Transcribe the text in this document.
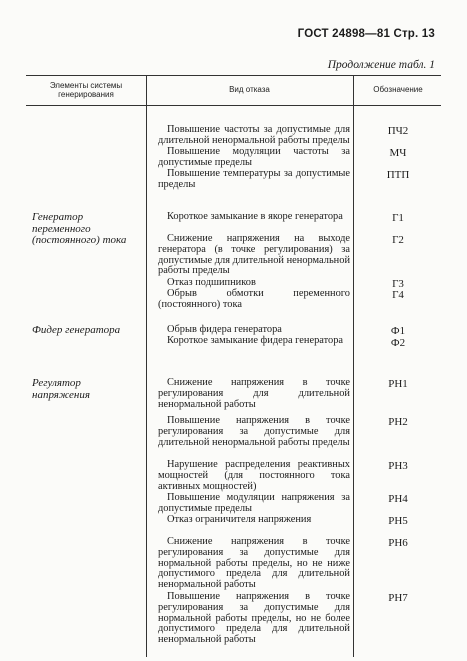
ГОСТ 24898—81 Стр. 13
Продолжение табл. 1
Элементы системы генерирования
Вид отказа	Обозначение
Повышение частоты за допустимые для длительной ненормальной работы пределы
Повышение модуляции частоты за допустимые пределы
Повышение температуры за допустимые пределы
ПЧ2
МЧ
ПТП
Генератор переменного (постоянного) тока
Короткое замыкание в якоре генератора
Снижение напряжения на выходе генератора (в точке регулирования) за допустимые для длительной ненормальной работы пределы
Отказ подшипников
Обрыв обмотки переменного (постоянного) тока
Г1
Г2
Г3
Г4
Фидер генератора	Обрыв фидера генератора
Короткое замыкание фидера генератора
Ф1
Ф2
Регулятор напряжения
Снижение напряжения в точке регулирования для длительной ненормальной работы
Повышение напряжения в точке регулирования за допустимые для длительной ненормальной работы пределы
Нарушение распределения реактивных мощностей (для постоянного тока активных мощностей)
Повышение модуляции напряжения за допустимые пределы
Отказ ограничителя напряжения
Снижение напряжения в точке регулирования за допустимые для нормальной работы пределы, но не ниже допустимого предела для длительной ненормальной работы
Повышение напряжения в точке регулирования за допустимые для нормальной работы пределы, но не более допустимого предела для длительной ненормальной работы
РН1
РН2
РН3
РН4
РН5
РН6
РН7
